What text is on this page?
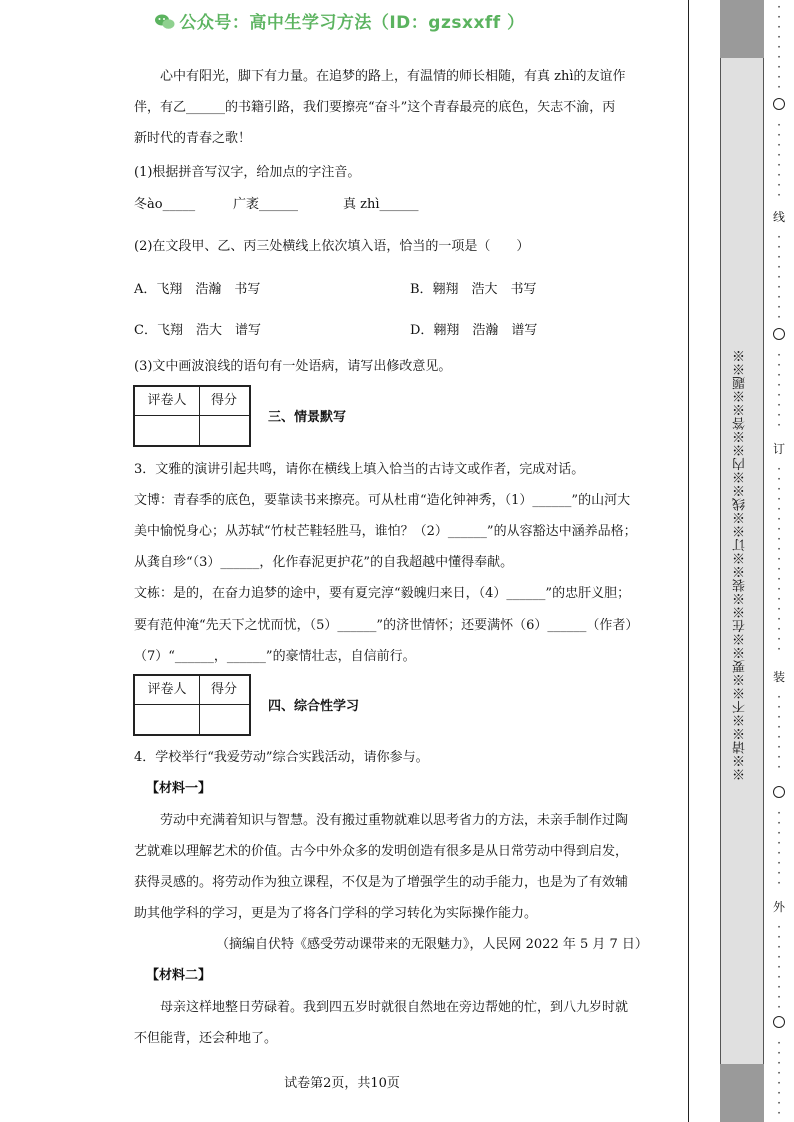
公众号：高中生学习方法（ID：gzsxxff ）
心中有阳光，脚下有力量。在追梦的路上，有温情的师长相随，有真 zhì的友谊作
伴，有乙______的书籍引路，我们要擦亮“奋斗”这个青春最亮的底色，矢志不渝，丙
新时代的青春之歌！
(1)根据拼音写汉字，给加点的字注音。
冬ào_____	广袤______	真 zhì______
(2)在文段甲、乙、丙三处横线上依次填入语，恰当的一项是（　　）
A．飞翔　浩瀚　书写	B．翱翔　浩大　书写
C．飞翔　浩大　谱写	D．翱翔　浩瀚　谱写
(3)文中画波浪线的语句有一处语病，请写出修改意见。
评卷人	得分
三、情景默写
3．文雅的演讲引起共鸣，请你在横线上填入恰当的古诗文或作者，完成对话。
文博：青春季的底色，要靠读书来擦亮。可从杜甫“造化钟神秀，（1）______”的山河大
美中愉悦身心；从苏轼“竹杖芒鞋轻胜马，谁怕？（2）______”的从容豁达中涵养品格；
从龚自珍“（3）______，化作春泥更护花”的自我超越中懂得奉献。
文栋：是的，在奋力追梦的途中，要有夏完淳“毅魄归来日，（4）______”的忠肝义胆；
要有范仲淹“先天下之忧而忧，（5）______”的济世情怀；还要满怀（6）______（作者）
（7）“______，______”的豪情壮志，自信前行。
评卷人	得分
四、综合性学习
4．学校举行“我爱劳动”综合实践活动，请你参与。
【材料一】
劳动中充满着知识与智慧。没有搬过重物就难以思考省力的方法，未亲手制作过陶
艺就难以理解艺术的价值。古今中外众多的发明创造有很多是从日常劳动中得到启发，
获得灵感的。将劳动作为独立课程，不仅是为了增强学生的动手能力，也是为了有效辅
助其他学科的学习，更是为了将各门学科的学习转化为实际操作能力。
（摘编自伏特《感受劳动课带来的无限魅力》，人民网 2022 年 5 月 7 日）
【材料二】
母亲这样地整日劳碌着。我到四五岁时就很自然地在旁边帮她的忙，到八九岁时就
不但能背，还会种地了。
试卷第2页，共10页
※※请※※不※※要※※在※※装※※订※※线※※内※※答※※题※※
·
·
·
·
·
·
·
·
·
·
·
·
·
·
·
·
·
线
·
·
·
·
·
·
·
·
·
·
·
·
·
·
·
·
·
订
·
·
·
·
·
·
·
·
·
·
·
·
·
·
·
·
·
·
·
装
·
·
·
·
·
·
·
·
·
·
·
·
·
·
·
·
外
·
·
·
·
·
·
·
·
·
·
·
·
·
·
·
·
·
